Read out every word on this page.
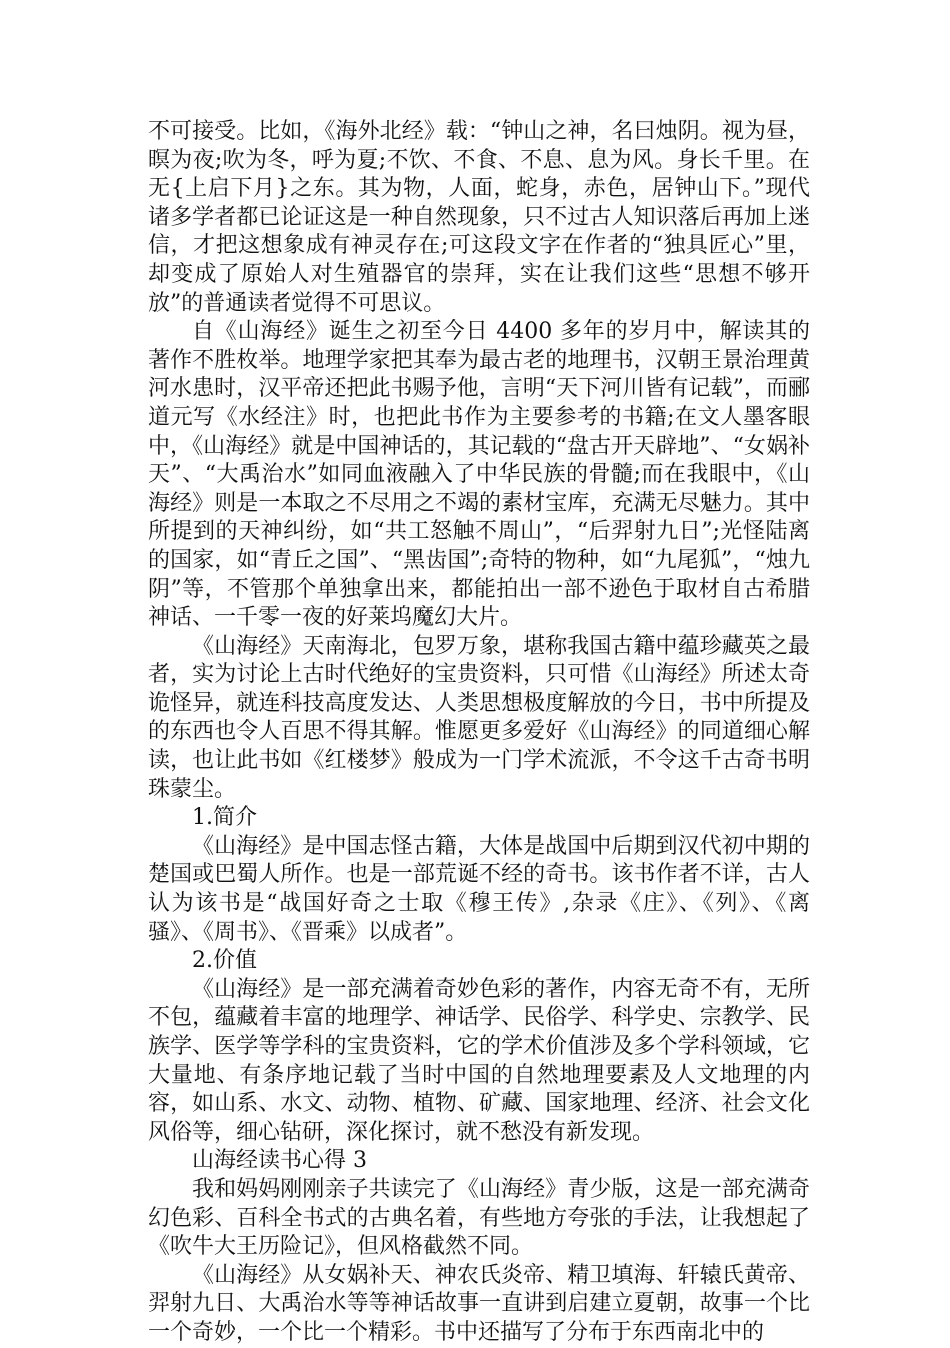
不可接受。比如，《海外北经》载：“钟山之神，名曰烛阴。视为昼，暝为夜;吹为冬，呼为夏;不饮、不食、不息、息为风。身长千里。在无{上启下月}之东。其为物，人面，蛇身，赤色，居钟山下。”现代诸多学者都已论证这是一种自然现象，只不过古人知识落后再加上迷信，才把这想象成有神灵存在;可这段文字在作者的“独具匠心”里，却变成了原始人对生殖器官的崇拜，实在让我们这些“思想不够开放”的普通读者觉得不可思议。

自《山海经》诞生之初至今日 4400 多年的岁月中，解读其的著作不胜枚举。地理学家把其奉为最古老的地理书，汉朝王景治理黄河水患时，汉平帝还把此书赐予他，言明“天下河川皆有记载”，而郦道元写《水经注》时，也把此书作为主要参考的书籍;在文人墨客眼中，《山海经》就是中国神话的，其记载的“盘古开天辟地”、“女娲补天”、“大禹治水”如同血液融入了中华民族的骨髓;而在我眼中，《山海经》则是一本取之不尽用之不竭的素材宝库，充满无尽魅力。其中所提到的天神纠纷，如“共工怒触不周山”，“后羿射九日”;光怪陆离的国家，如“青丘之国”、“黑齿国”;奇特的物种，如“九尾狐”，“烛九阴”等，不管那个单独拿出来，都能拍出一部不逊色于取材自古希腊神话、一千零一夜的好莱坞魔幻大片。

《山海经》天南海北，包罗万象，堪称我国古籍中蕴珍藏英之最者，实为讨论上古时代绝好的宝贵资料，只可惜《山海经》所述太奇诡怪异，就连科技高度发达、人类思想极度解放的今日，书中所提及的东西也令人百思不得其解。惟愿更多爱好《山海经》的同道细心解读，也让此书如《红楼梦》般成为一门学术流派，不令这千古奇书明珠蒙尘。

1.简介

《山海经》是中国志怪古籍，大体是战国中后期到汉代初中期的楚国或巴蜀人所作。也是一部荒诞不经的奇书。该书作者不详，古人认为该书是“战国好奇之士取《穆王传》,杂录《庄》、《列》、《离骚》、《周书》、《晋乘》以成者”。

2.价值

《山海经》是一部充满着奇妙色彩的著作，内容无奇不有，无所不包，蕴藏着丰富的地理学、神话学、民俗学、科学史、宗教学、民族学、医学等学科的宝贵资料，它的学术价值涉及多个学科领域，它大量地、有条序地记载了当时中国的自然地理要素及人文地理的内容，如山系、水文、动物、植物、矿藏、国家地理、经济、社会文化风俗等，细心钻研，深化探讨，就不愁没有新发现。

山海经读书心得 3

我和妈妈刚刚亲子共读完了《山海经》青少版，这是一部充满奇幻色彩、百科全书式的古典名着，有些地方夸张的手法，让我想起了《吹牛大王历险记》，但风格截然不同。

《山海经》从女娲补天、神农氏炎帝、精卫填海、轩辕氏黄帝、羿射九日、大禹治水等等神话故事一直讲到启建立夏朝，故事一个比一个奇妙，一个比一个精彩。书中还描写了分布于东西南北中的
